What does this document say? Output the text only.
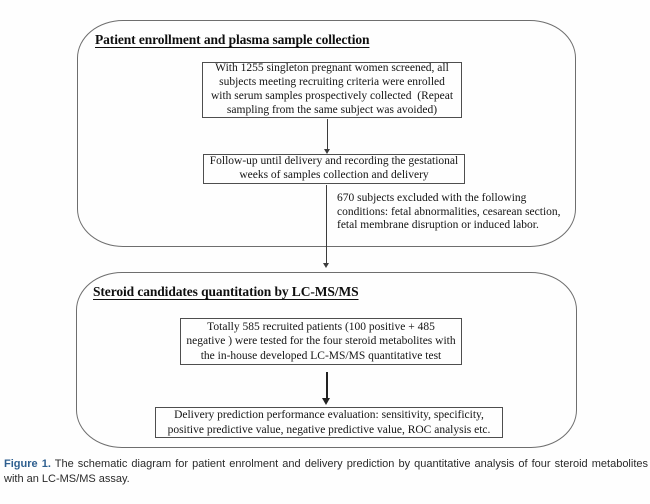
Patient enrollment and plasma sample collection
With 1255 singleton pregnant women screened, all
subjects meeting recruiting criteria were enrolled
with serum samples prospectively collected  (Repeat
sampling from the same subject was avoided)
Follow-up until delivery and recording the gestational
weeks of samples collection and delivery
670 subjects excluded with the following
conditions: fetal abnormalities, cesarean section,
fetal membrane disruption or induced labor.
Steroid candidates quantitation by LC-MS/MS
Totally 585 recruited patients (100 positive + 485
negative ) were tested for the four steroid metabolites with
the in-house developed LC-MS/MS quantitative test
Delivery prediction performance evaluation: sensitivity, specificity,
positive predictive value, negative predictive value, ROC analysis etc.
Figure 1. The schematic diagram for patient enrolment and delivery prediction by quantitative analysis of four steroid metabolites
with an LC-MS/MS assay.
